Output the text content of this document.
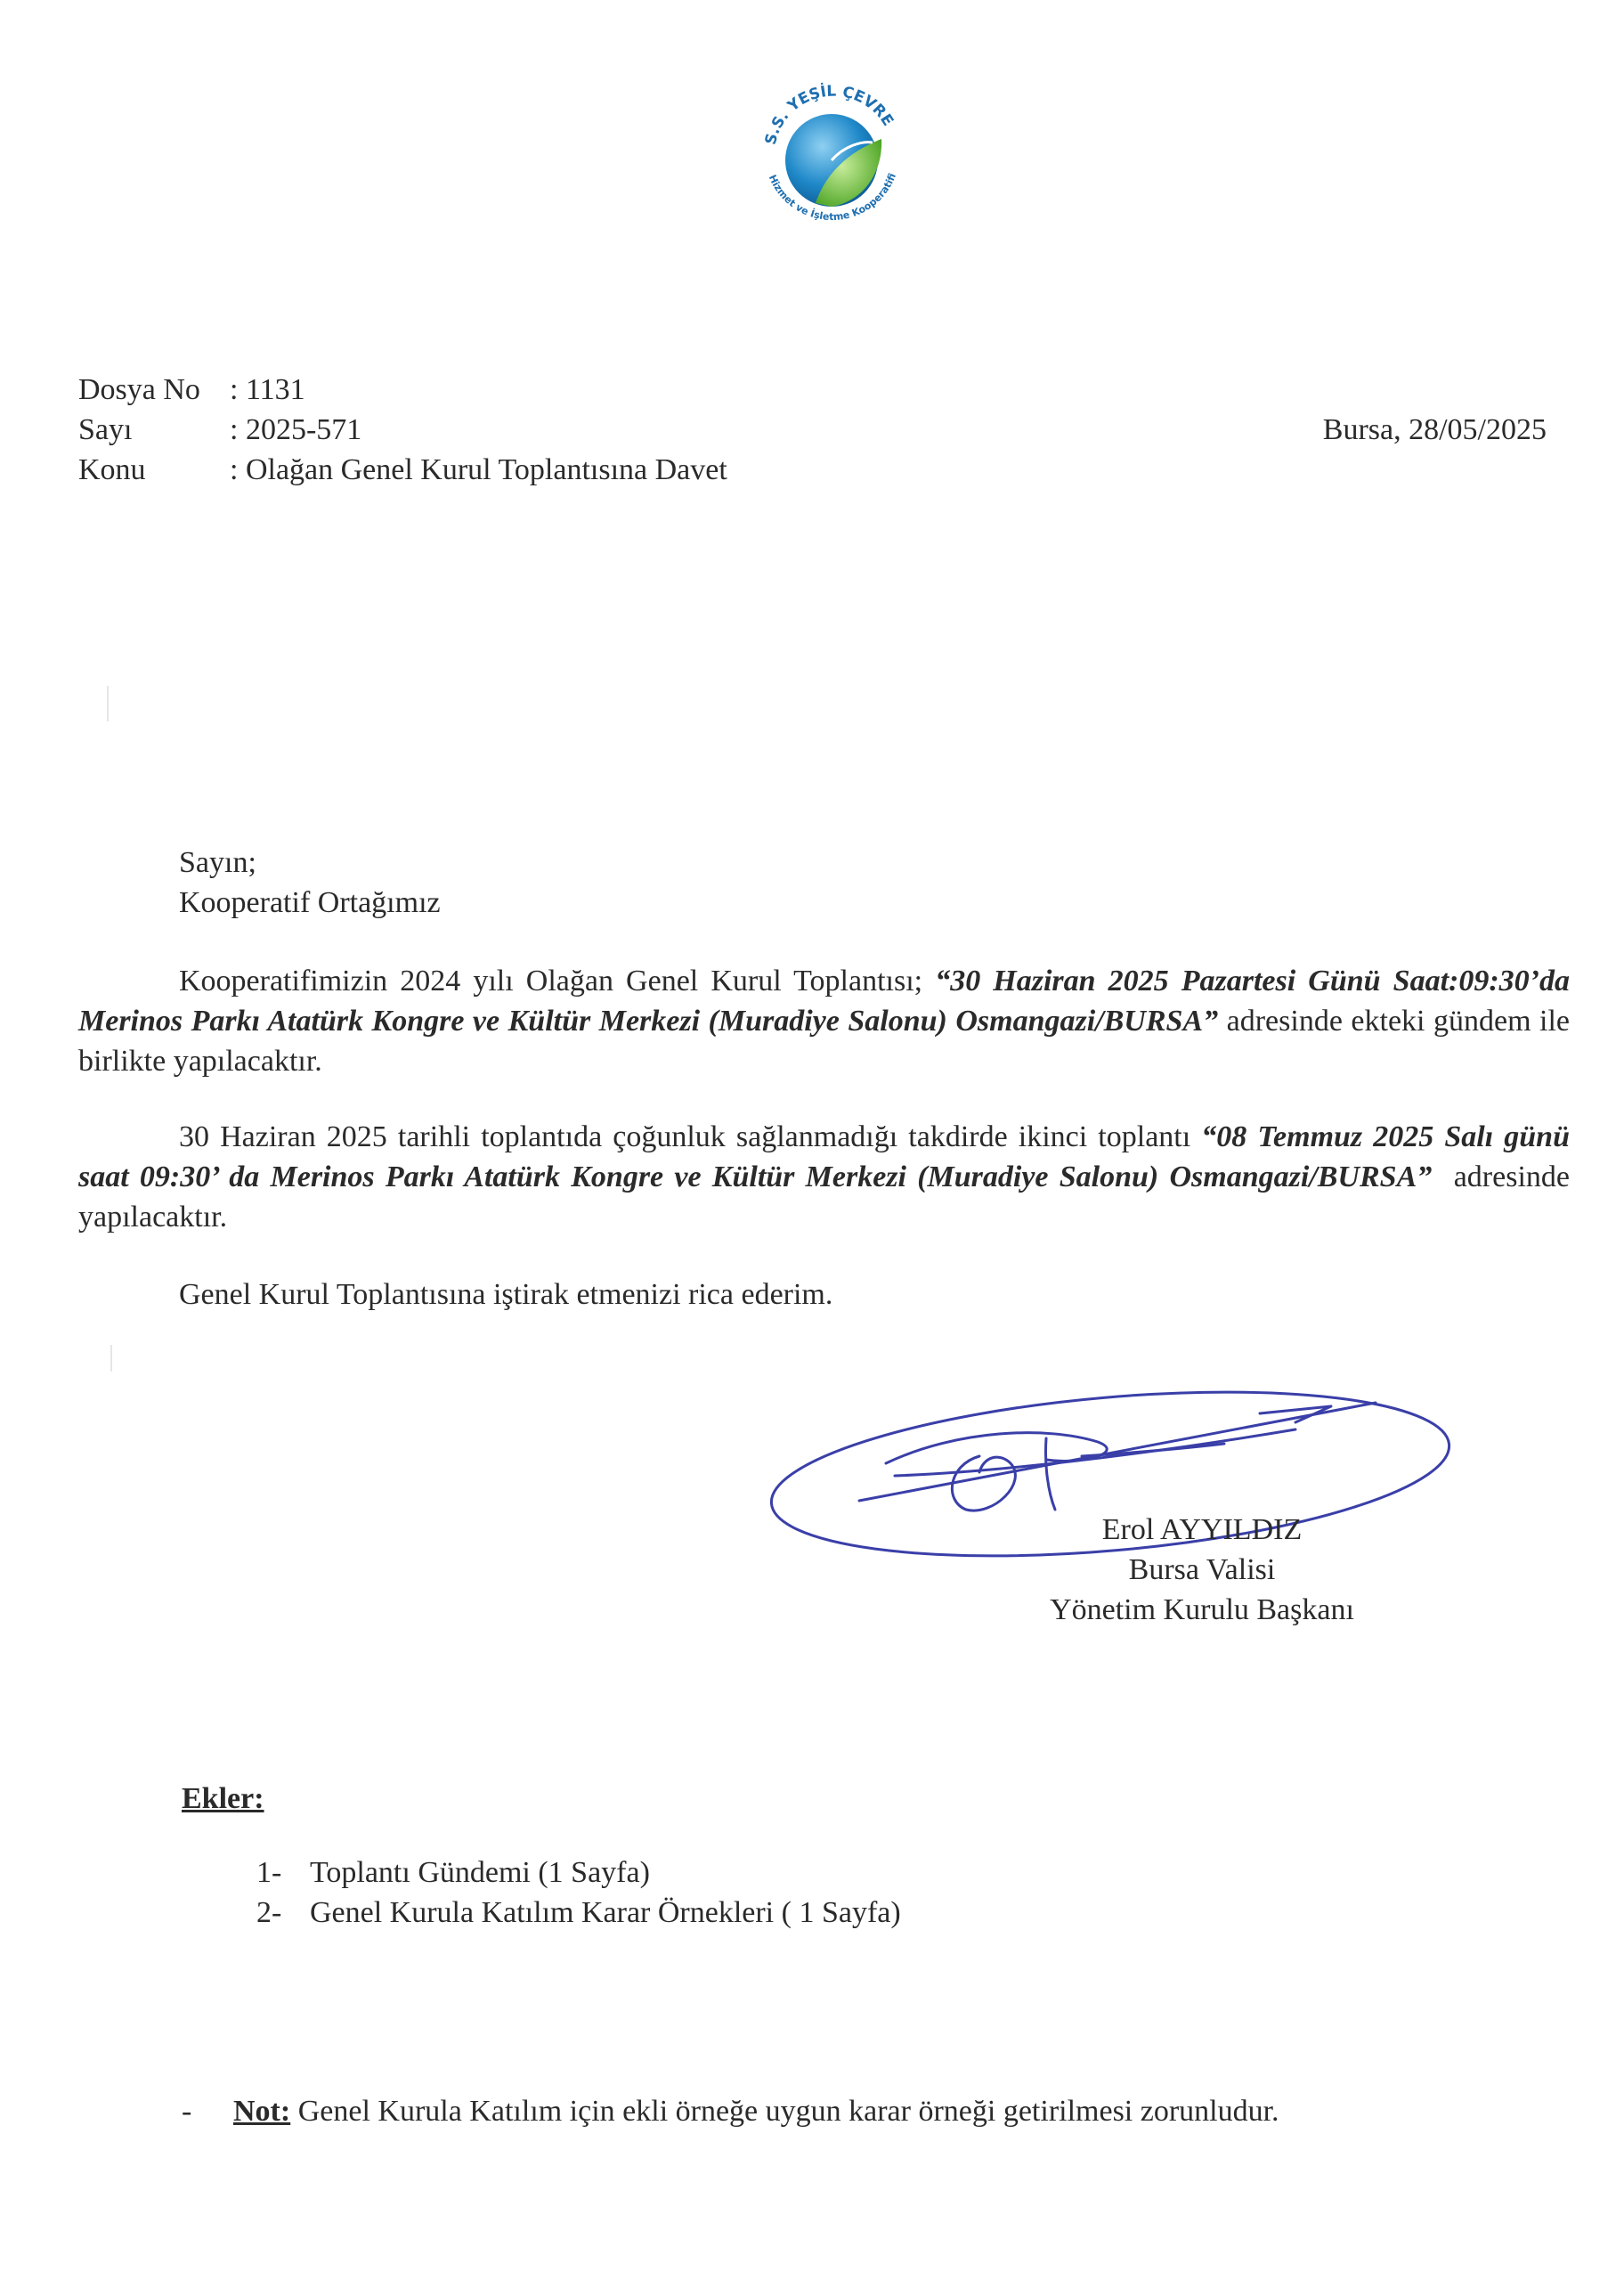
S.S. YEŞİL ÇEVRE
Hizmet ve İşletme Kooperatifi
Dosya No : 1131
Sayı	: 2025-571
Konu	: Olağan Genel Kurul Toplantısına Davet
Bursa, 28/05/2025
Sayın;
Kooperatif Ortağımız
Kooperatifimizin 2024 yılı Olağan Genel Kurul Toplantısı; “30 Haziran 2025 Pazartesi Günü Saat:09:30’da Merinos Parkı Atatürk Kongre ve Kültür Merkezi (Muradiye Salonu) Osmangazi/BURSA” adresinde ekteki gündem ile birlikte yapılacaktır.
30 Haziran 2025 tarihli toplantıda çoğunluk sağlanmadığı takdirde ikinci toplantı “08 Temmuz 2025 Salı günü saat 09:30’ da Merinos Parkı Atatürk Kongre ve Kültür Merkezi (Muradiye Salonu) Osmangazi/BURSA” adresinde yapılacaktır.
Genel Kurul Toplantısına iştirak etmenizi rica ederim.
Erol AYYILDIZ
Bursa Valisi
Yönetim Kurulu Başkanı
Ekler:
1- Toplantı Gündemi (1 Sayfa)
2- Genel Kurula Katılım Karar Örnekleri ( 1 Sayfa)
- Not: Genel Kurula Katılım için ekli örneğe uygun karar örneği getirilmesi zorunludur.
